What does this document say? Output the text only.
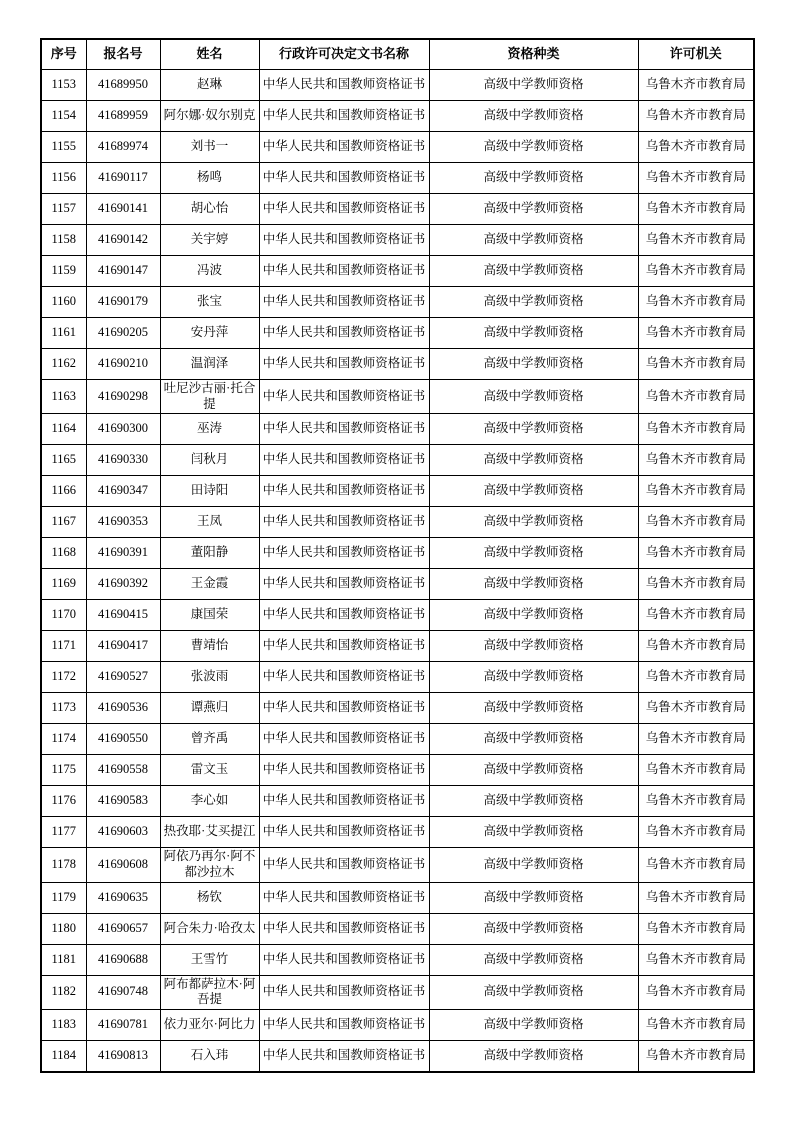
序号	报名号	姓名	行政许可决定文书名称	资格种类	许可机关
1153	41689950	赵琳	中华人民共和国教师资格证书	高级中学教师资格	乌鲁木齐市教育局
1154	41689959	阿尔娜·奴尔别克	中华人民共和国教师资格证书	高级中学教师资格	乌鲁木齐市教育局
1155	41689974	刘书一	中华人民共和国教师资格证书	高级中学教师资格	乌鲁木齐市教育局
1156	41690117	杨鸣	中华人民共和国教师资格证书	高级中学教师资格	乌鲁木齐市教育局
1157	41690141	胡心怡	中华人民共和国教师资格证书	高级中学教师资格	乌鲁木齐市教育局
1158	41690142	关宇婷	中华人民共和国教师资格证书	高级中学教师资格	乌鲁木齐市教育局
1159	41690147	冯波	中华人民共和国教师资格证书	高级中学教师资格	乌鲁木齐市教育局
1160	41690179	张宝	中华人民共和国教师资格证书	高级中学教师资格	乌鲁木齐市教育局
1161	41690205	安丹萍	中华人民共和国教师资格证书	高级中学教师资格	乌鲁木齐市教育局
1162	41690210	温润泽	中华人民共和国教师资格证书	高级中学教师资格	乌鲁木齐市教育局
1163	41690298	吐尼沙古丽·托合提	中华人民共和国教师资格证书	高级中学教师资格	乌鲁木齐市教育局
1164	41690300	巫涛	中华人民共和国教师资格证书	高级中学教师资格	乌鲁木齐市教育局
1165	41690330	闫秋月	中华人民共和国教师资格证书	高级中学教师资格	乌鲁木齐市教育局
1166	41690347	田诗阳	中华人民共和国教师资格证书	高级中学教师资格	乌鲁木齐市教育局
1167	41690353	王凤	中华人民共和国教师资格证书	高级中学教师资格	乌鲁木齐市教育局
1168	41690391	董阳静	中华人民共和国教师资格证书	高级中学教师资格	乌鲁木齐市教育局
1169	41690392	王金霞	中华人民共和国教师资格证书	高级中学教师资格	乌鲁木齐市教育局
1170	41690415	康国荣	中华人民共和国教师资格证书	高级中学教师资格	乌鲁木齐市教育局
1171	41690417	曹靖怡	中华人民共和国教师资格证书	高级中学教师资格	乌鲁木齐市教育局
1172	41690527	张波雨	中华人民共和国教师资格证书	高级中学教师资格	乌鲁木齐市教育局
1173	41690536	谭燕归	中华人民共和国教师资格证书	高级中学教师资格	乌鲁木齐市教育局
1174	41690550	曾齐禹	中华人民共和国教师资格证书	高级中学教师资格	乌鲁木齐市教育局
1175	41690558	雷文玉	中华人民共和国教师资格证书	高级中学教师资格	乌鲁木齐市教育局
1176	41690583	李心如	中华人民共和国教师资格证书	高级中学教师资格	乌鲁木齐市教育局
1177	41690603	热孜耶·艾买提江	中华人民共和国教师资格证书	高级中学教师资格	乌鲁木齐市教育局
1178	41690608	阿依乃再尔·阿不都沙拉木	中华人民共和国教师资格证书	高级中学教师资格	乌鲁木齐市教育局
1179	41690635	杨钦	中华人民共和国教师资格证书	高级中学教师资格	乌鲁木齐市教育局
1180	41690657	阿合朱力·哈孜太	中华人民共和国教师资格证书	高级中学教师资格	乌鲁木齐市教育局
1181	41690688	王雪竹	中华人民共和国教师资格证书	高级中学教师资格	乌鲁木齐市教育局
1182	41690748	阿布都萨拉木·阿吾提	中华人民共和国教师资格证书	高级中学教师资格	乌鲁木齐市教育局
1183	41690781	依力亚尔·阿比力	中华人民共和国教师资格证书	高级中学教师资格	乌鲁木齐市教育局
1184	41690813	石入玮	中华人民共和国教师资格证书	高级中学教师资格	乌鲁木齐市教育局
